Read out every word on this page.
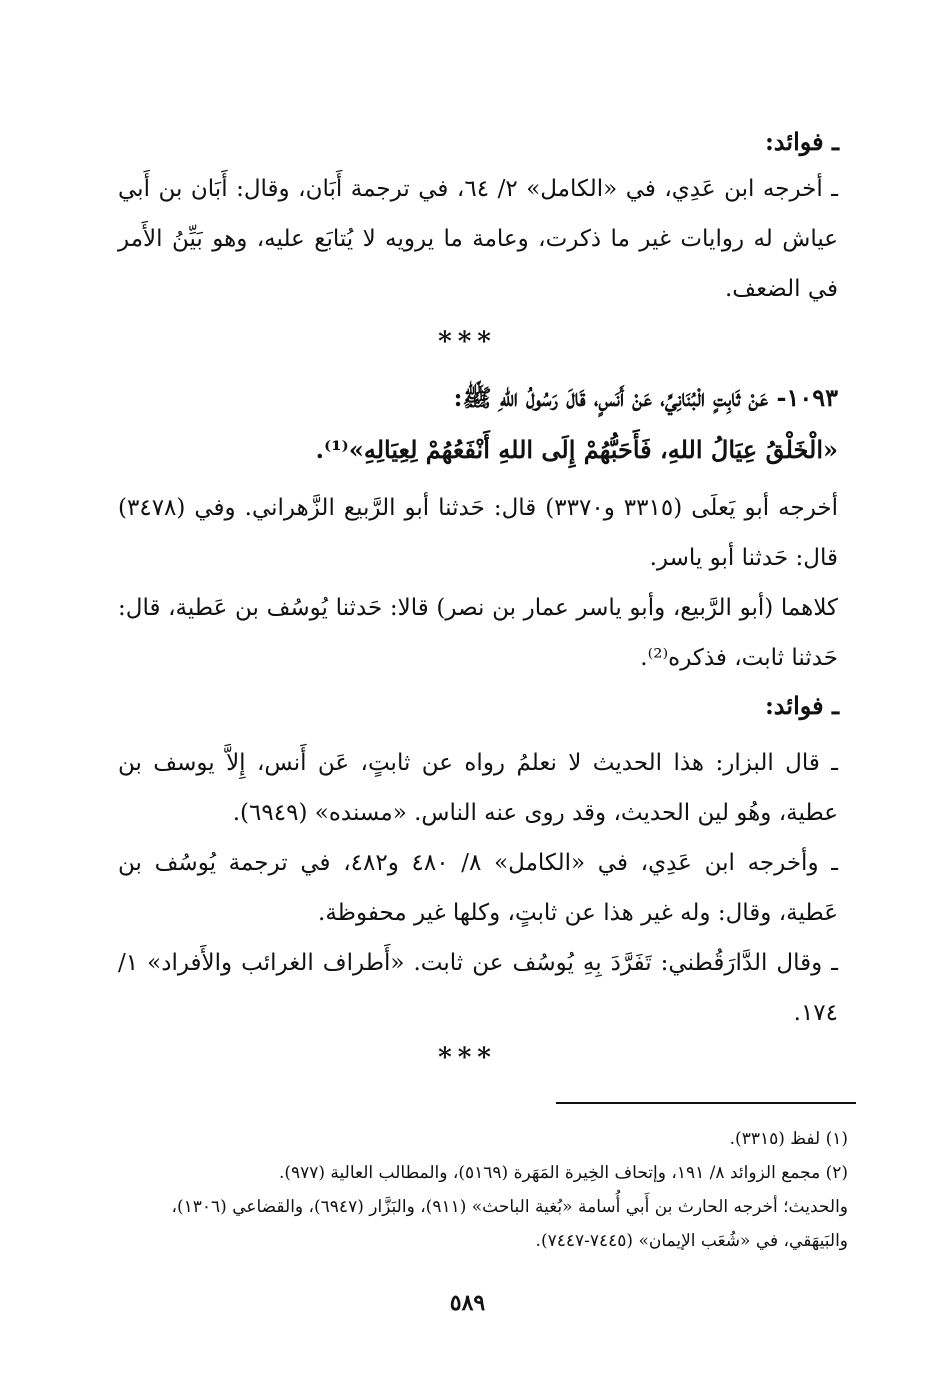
ـ فوائد:

ـ أخرجه ابن عَدِي، في «الكامل» ٢/ ٦٤، في ترجمة أَبَان، وقال: أَبَان بن أَبي عياش له روايات غير ما ذكرت، وعامة ما يرويه لا يُتابَع عليه، وهو بَيِّنُ الأَمر في الضعف.

***
١٠٩٣- عَنْ ثَابِتٍ الْبُنَانِيِّ، عَنْ أَنَسٍ، قَالَ رَسُولُ اللهِ ﷺ:
«الْخَلْقُ عِيَالُ اللهِ، فَأَحَبُّهُمْ إِلَى اللهِ أَنْفَعُهُمْ لِعِيَالِهِ»⁽¹⁾.

أخرجه أبو يَعلَى (٣٣١٥ و٣٣٧٠) قال: حَدثنا أبو الرَّبيع الزَّهراني. وفي (٣٤٧٨) قال: حَدثنا أبو ياسر.

كلاهما (أبو الرَّبيع، وأبو ياسر عمار بن نصر) قالا: حَدثنا يُوسُف بن عَطية، قال: حَدثنا ثابت، فذكره⁽²⁾.

ـ فوائد:

ـ قال البزار: هذا الحديث لا نعلمُ رواه عن ثابتٍ، عَن أَنس، إِلاَّ يوسف بن عطية، وهُو لين الحديث، وقد روى عنه الناس. «مسنده» (٦٩٤٩).

ـ وأخرجه ابن عَدِي، في «الكامل» ٨/ ٤٨٠ و٤٨٢، في ترجمة يُوسُف بن عَطية، وقال: وله غير هذا عن ثابتٍ، وكلها غير محفوظة.

ـ وقال الدَّارَقُطني: تَفَرَّدَ بِهِ يُوسُف عن ثابت. «أَطراف الغرائب والأَفراد» ١/ ١٧٤.

***

(١) لفظ (٣٣١٥).

(٢) مجمع الزوائد ٨/ ١٩١، وإتحاف الخِيرة المَهَرة (٥١٦٩)، والمطالب العالية (٩٧٧).

والحديث؛ أخرجه الحارث بن أَبي أُسامة «بُغية الباحث» (٩١١)، والبَزَّار (٦٩٤٧)، والقضاعي (١٣٠٦)، والبَيهَقي، في «شُعَب الإيمان» (٧٤٤٥-٧٤٤٧).

٥٨٩
